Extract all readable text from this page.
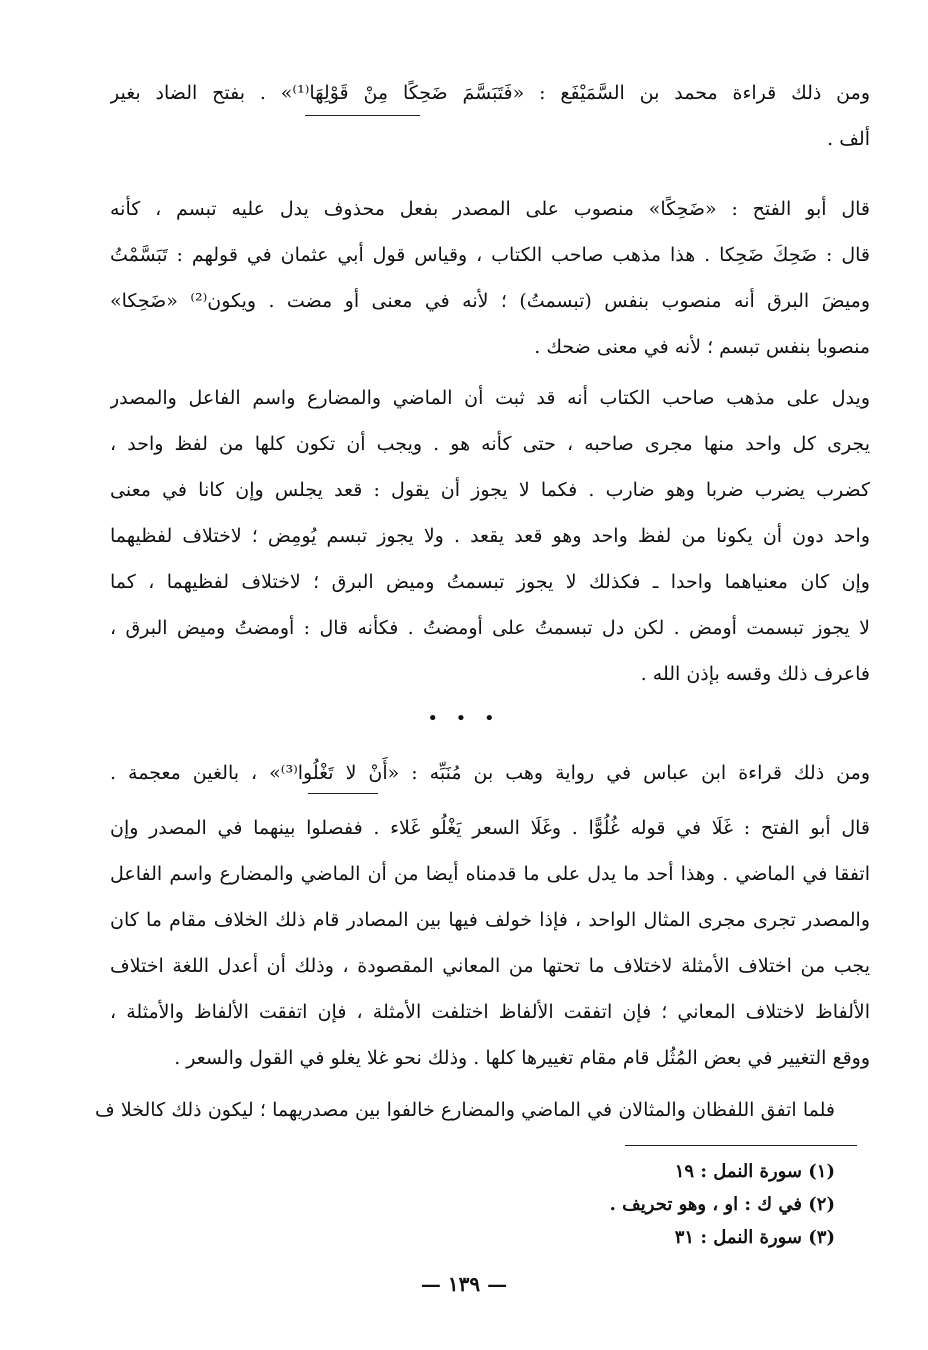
ومن ذلك قراءة محمد بن السَّمَيْفَع : «فَتَبَسَّمَ ضَحِكًا مِنْ قَوْلِهَا⁽¹⁾» . بفتح الضاد بغير
ألف .
قال أبو الفتح : «ضَحِكًا» منصوب على المصدر بفعل محذوف يدل عليه تبسم ، كأنه
قال : ضَحِكَ ضَحِكا . هذا مذهب صاحب الكتاب ، وقياس قول أبي عثمان في قولهم : تَبَسَّمْتُ
وميضَ البرق أنه منصوب بنفس (تبسمتُ) ؛ لأنه في معنى أو مضت . ويكون⁽²⁾ «ضَحِكا»
منصوبا بنفس تبسم ؛ لأنه في معنى ضحك .
ويدل على مذهب صاحب الكتاب أنه قد ثبت أن الماضي والمضارع واسم الفاعل والمصدر
يجرى كل واحد منها مجرى صاحبه ، حتى كأنه هو . ويجب أن تكون كلها من لفظ واحد ،
كضرب يضرب ضربا وهو ضارب . فكما لا يجوز أن يقول : قعد يجلس وإن كانا في معنى
واحد دون أن يكونا من لفظ واحد وهو قعد يقعد . ولا يجوز تبسم يُومِض ؛ لاختلاف لفظيهما
وإن كان معنياهما واحدا ـ فكذلك لا يجوز تبسمتُ وميض البرق ؛ لاختلاف لفظيهما ، كما
لا يجوز تبسمت أومض . لكن دل تبسمتُ على أومضتُ . فكأنه قال : أومضتُ وميض البرق ،
فاعرف ذلك وقسه بإذن الله .
• • •
ومن ذلك قراءة ابن عباس في رواية وهب بن مُنَبِّه : «أَنْ لا تَغْلُوا⁽³⁾» ، بالغين معجمة .
قال أبو الفتح : غَلَا في قوله غُلُوًّا . وغَلَا السعر يَغْلُو غَلاء . ففصلوا بينهما في المصدر وإن
اتفقا في الماضي . وهذا أحد ما يدل على ما قدمناه أيضا من أن الماضي والمضارع واسم الفاعل
والمصدر تجرى مجرى المثال الواحد ، فإذا خولف فيها بين المصادر قام ذلك الخلاف مقام ما كان
يجب من اختلاف الأمثلة لاختلاف ما تحتها من المعاني المقصودة ، وذلك أن أعدل اللغة اختلاف
الألفاظ لاختلاف المعاني ؛ فإن اتفقت الألفاظ اختلفت الأمثلة ، فإن اتفقت الألفاظ والأمثلة ،
ووقع التغيير في بعض المُثُل قام مقام تغييرها كلها . وذلك نحو غلا يغلو في القول والسعر .
فلما اتفق اللفظان والمثالان في الماضي والمضارع خالفوا بين مصدريهما ؛ ليكون ذلك كالخلا ف
(١) سورة النمل : ١٩
(٢) في ك : او ، وهو تحريف .
(٣) سورة النمل : ٣١
— ١٣٩ —
